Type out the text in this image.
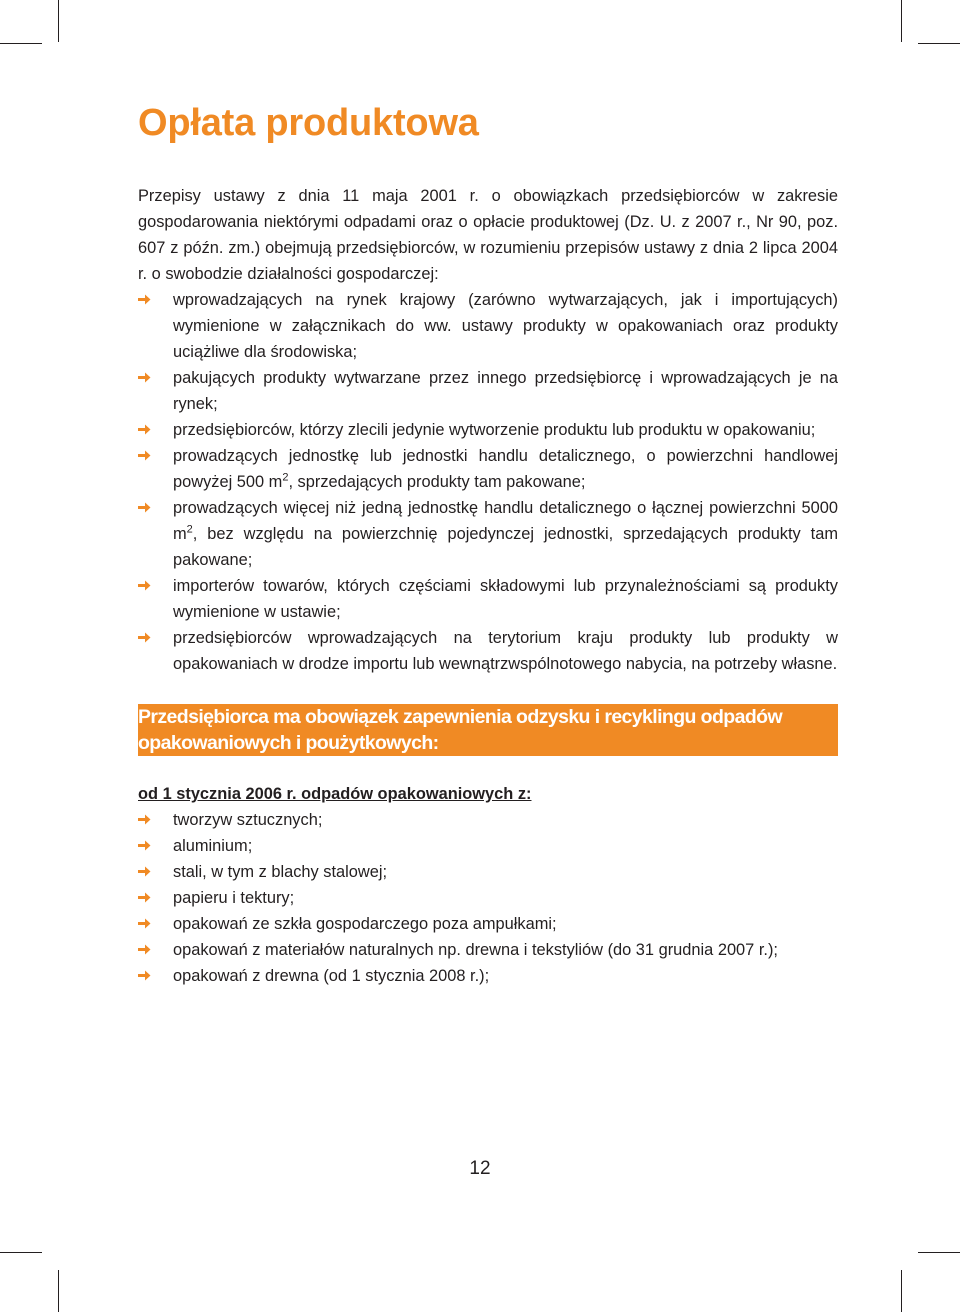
Opłata produktowa

Przepisy ustawy z dnia 11 maja 2001 r. o obowiązkach przedsiębiorców w zakresie gospodarowania niektórymi odpadami oraz o opłacie produktowej (Dz. U. z 2007 r., Nr 90, poz. 607 z późn. zm.) obejmują przedsiębiorców, w rozumieniu przepisów ustawy z dnia 2 lipca 2004 r. o swobodzie działalności gospodarczej:

wprowadzających na rynek krajowy (zarówno wytwarzających, jak i importujących) wymienione w załącznikach do ww. ustawy produkty w opakowaniach oraz produkty uciążliwe dla środowiska;
pakujących produkty wytwarzane przez innego przedsiębiorcę i wprowadzających je na rynek;
przedsiębiorców, którzy zlecili jedynie wytworzenie produktu lub produktu w opakowaniu;
prowadzących jednostkę lub jednostki handlu detalicznego, o powierzchni handlowej powyżej 500 $m^2$, sprzedających produkty tam pakowane;
prowadzących więcej niż jedną jednostkę handlu detalicznego o łącznej powierzchni 5000 $m^2$, bez względu na powierzchnię pojedynczej jednostki, sprzedających produkty tam pakowane;
importerów towarów, których częściami składowymi lub przynależnościami są produkty wymienione w ustawie;
przedsiębiorców wprowadzających na terytorium kraju produkty lub produkty w opakowaniach w drodze importu lub wewnątrzwspólnotowego nabycia, na potrzeby własne.
Przedsiębiorca ma obowiązek zapewnienia odzysku i recyklingu odpadów opakowaniowych i poużytkowych:
od 1 stycznia 2006 r. odpadów opakowaniowych z:
tworzyw sztucznych;
aluminium;
stali, w tym z blachy stalowej;
papieru i tektury;
opakowań ze szkła gospodarczego poza ampułkami;
opakowań z materiałów naturalnych np. drewna i tekstyliów (do 31 grudnia 2007 r.);
opakowań z drewna (od 1 stycznia 2008 r.);
12
